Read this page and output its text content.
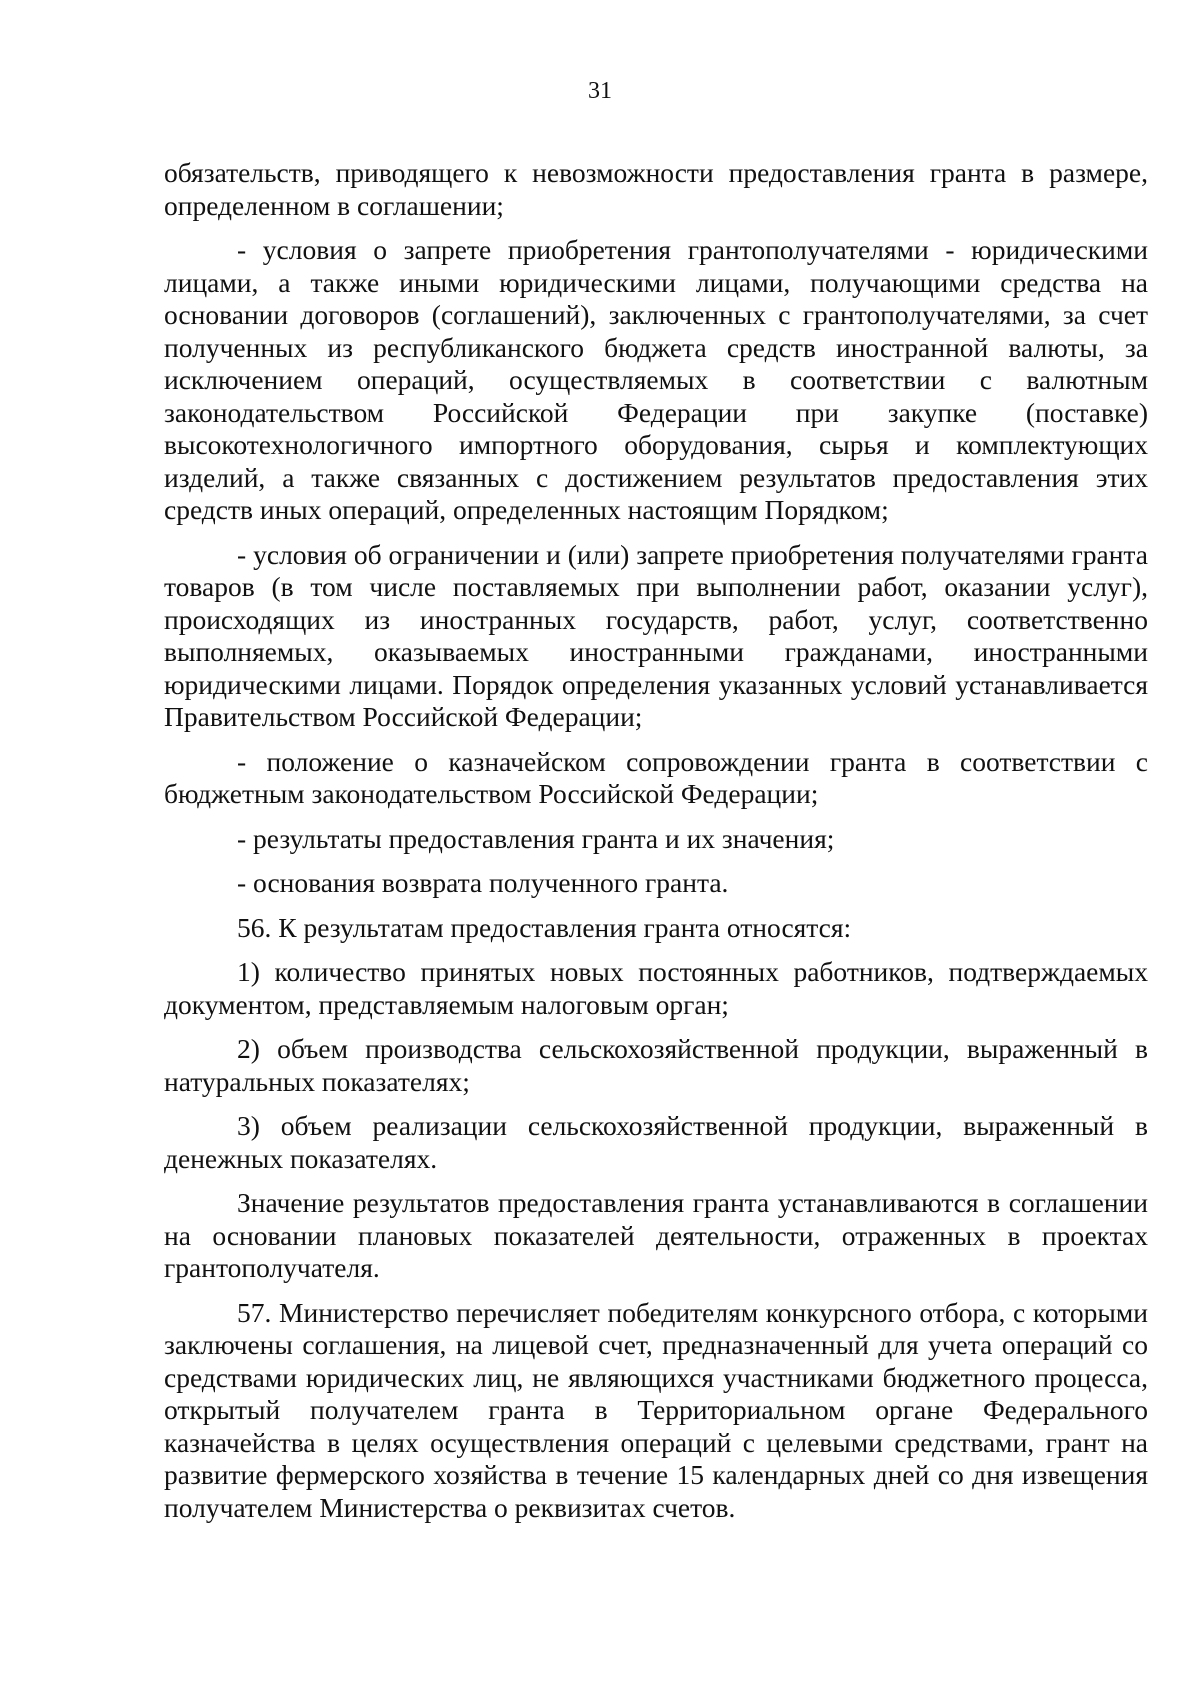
31

обязательств, приводящего к невозможности предоставления гранта в размере, определенном в соглашении;

- условия о запрете приобретения грантополучателями - юридическими лицами, а также иными юридическими лицами, получающими средства на основании договоров (соглашений), заключенных с грантополучателями, за счет полученных из республиканского бюджета средств иностранной валюты, за исключением операций, осуществляемых в соответствии с валютным законодательством Российской Федерации при закупке (поставке) высокотехнологичного импортного оборудования, сырья и комплектующих изделий, а также связанных с достижением результатов предоставления этих средств иных операций, определенных настоящим Порядком;

- условия об ограничении и (или) запрете приобретения получателями гранта товаров (в том числе поставляемых при выполнении работ, оказании услуг), происходящих из иностранных государств, работ, услуг, соответственно выполняемых, оказываемых иностранными гражданами, иностранными юридическими лицами. Порядок определения указанных условий устанавливается Правительством Российской Федерации;

- положение о казначейском сопровождении гранта в соответствии с бюджетным законодательством Российской Федерации;

- результаты предоставления гранта и их значения;

- основания возврата полученного гранта.

56. К результатам предоставления гранта относятся:

1) количество принятых новых постоянных работников, подтверждаемых документом, представляемым налоговым орган;

2) объем производства сельскохозяйственной продукции, выраженный в натуральных показателях;

3) объем реализации сельскохозяйственной продукции, выраженный в денежных показателях.

Значение результатов предоставления гранта устанавливаются в соглашении на основании плановых показателей деятельности, отраженных в проектах грантополучателя.

57. Министерство перечисляет победителям конкурсного отбора, с которыми заключены соглашения, на лицевой счет, предназначенный для учета операций со средствами юридических лиц, не являющихся участниками бюджетного процесса, открытый получателем гранта в Территориальном органе Федерального казначейства в целях осуществления операций с целевыми средствами, грант на развитие фермерского хозяйства в течение 15 календарных дней со дня извещения получателем Министерства о реквизитах счетов.
